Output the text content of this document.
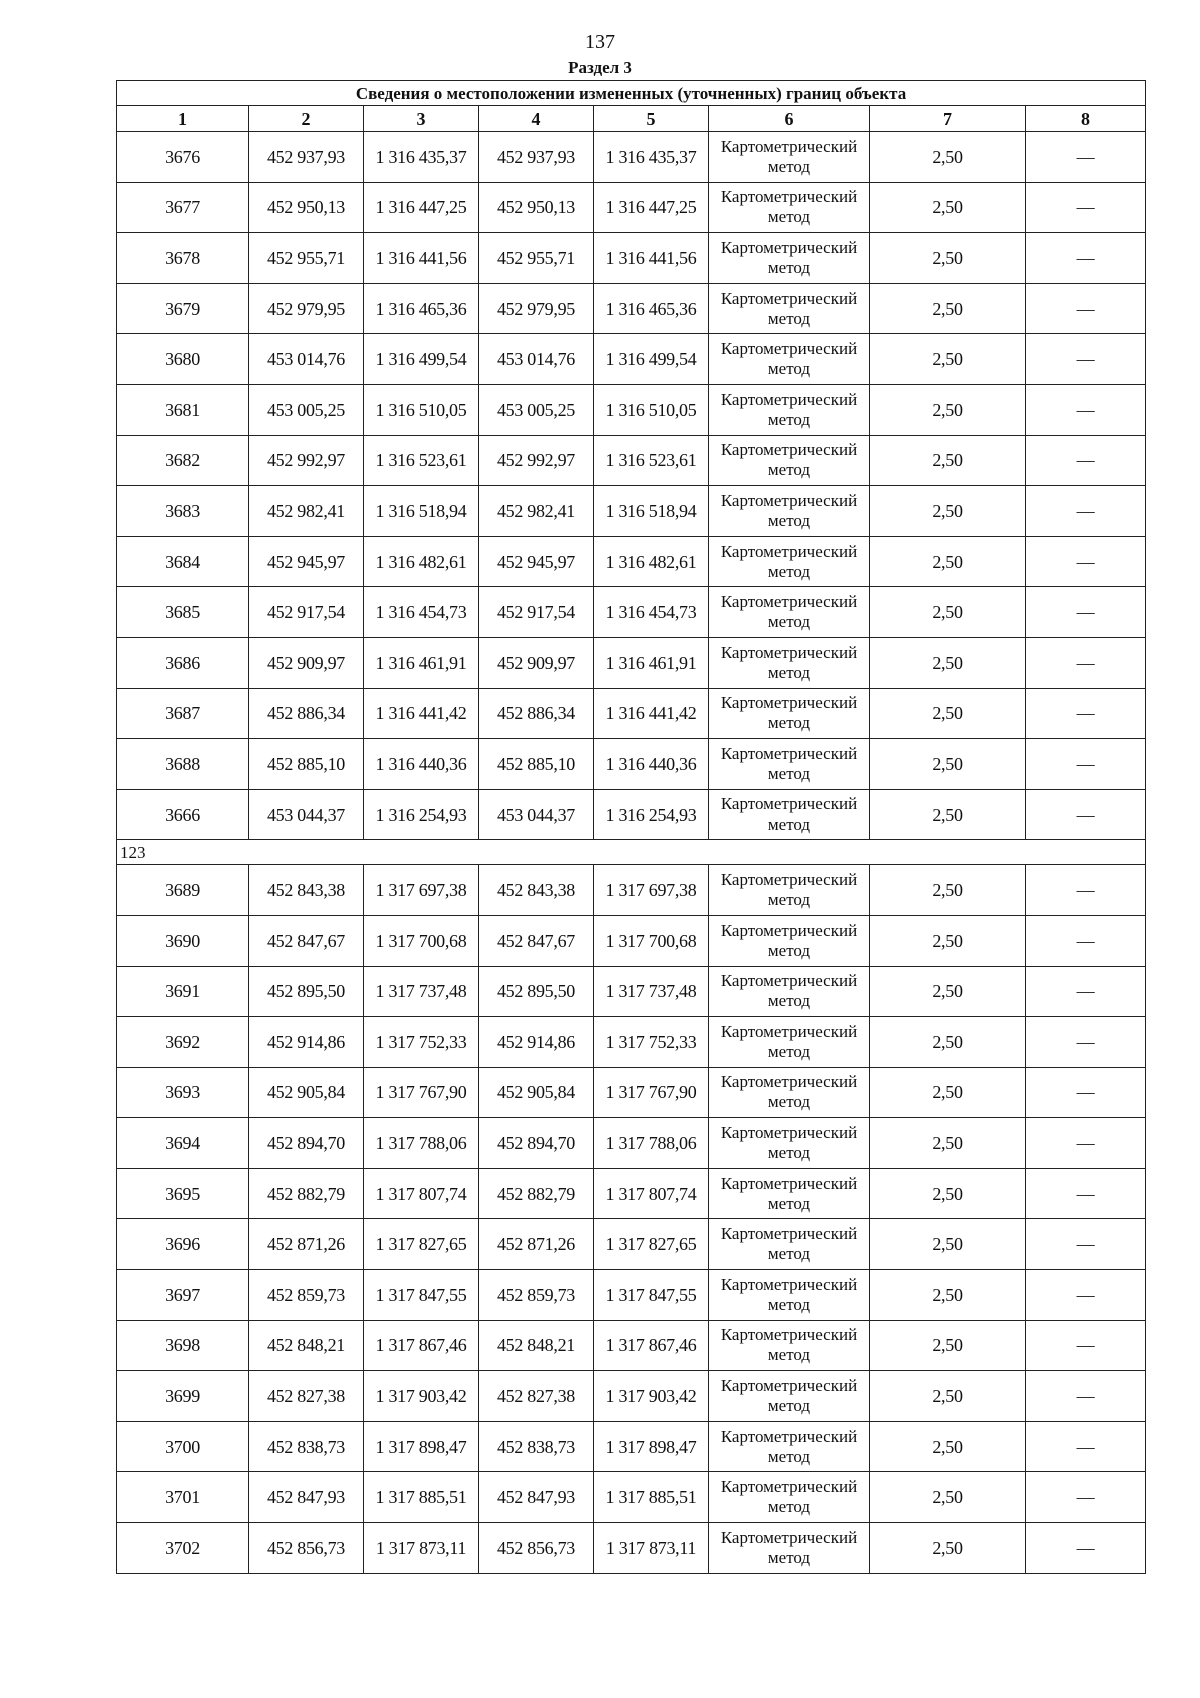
137
Раздел 3
Сведения о местоположении измененных (уточненных) границ объекта							
1	2	3	4	5	6	7	8
3676	452 937,93	1 316 435,37	452 937,93	1 316 435,37	Картометрический метод	2,50	—
3677	452 950,13	1 316 447,25	452 950,13	1 316 447,25	Картометрический метод	2,50	—
3678	452 955,71	1 316 441,56	452 955,71	1 316 441,56	Картометрический метод	2,50	—
3679	452 979,95	1 316 465,36	452 979,95	1 316 465,36	Картометрический метод	2,50	—
3680	453 014,76	1 316 499,54	453 014,76	1 316 499,54	Картометрический метод	2,50	—
3681	453 005,25	1 316 510,05	453 005,25	1 316 510,05	Картометрический метод	2,50	—
3682	452 992,97	1 316 523,61	452 992,97	1 316 523,61	Картометрический метод	2,50	—
3683	452 982,41	1 316 518,94	452 982,41	1 316 518,94	Картометрический метод	2,50	—
3684	452 945,97	1 316 482,61	452 945,97	1 316 482,61	Картометрический метод	2,50	—
3685	452 917,54	1 316 454,73	452 917,54	1 316 454,73	Картометрический метод	2,50	—
3686	452 909,97	1 316 461,91	452 909,97	1 316 461,91	Картометрический метод	2,50	—
3687	452 886,34	1 316 441,42	452 886,34	1 316 441,42	Картометрический метод	2,50	—
3688	452 885,10	1 316 440,36	452 885,10	1 316 440,36	Картометрический метод	2,50	—
3666	453 044,37	1 316 254,93	453 044,37	1 316 254,93	Картометрический метод	2,50	—
123							
3689	452 843,38	1 317 697,38	452 843,38	1 317 697,38	Картометрический метод	2,50	—
3690	452 847,67	1 317 700,68	452 847,67	1 317 700,68	Картометрический метод	2,50	—
3691	452 895,50	1 317 737,48	452 895,50	1 317 737,48	Картометрический метод	2,50	—
3692	452 914,86	1 317 752,33	452 914,86	1 317 752,33	Картометрический метод	2,50	—
3693	452 905,84	1 317 767,90	452 905,84	1 317 767,90	Картометрический метод	2,50	—
3694	452 894,70	1 317 788,06	452 894,70	1 317 788,06	Картометрический метод	2,50	—
3695	452 882,79	1 317 807,74	452 882,79	1 317 807,74	Картометрический метод	2,50	—
3696	452 871,26	1 317 827,65	452 871,26	1 317 827,65	Картометрический метод	2,50	—
3697	452 859,73	1 317 847,55	452 859,73	1 317 847,55	Картометрический метод	2,50	—
3698	452 848,21	1 317 867,46	452 848,21	1 317 867,46	Картометрический метод	2,50	—
3699	452 827,38	1 317 903,42	452 827,38	1 317 903,42	Картометрический метод	2,50	—
3700	452 838,73	1 317 898,47	452 838,73	1 317 898,47	Картометрический метод	2,50	—
3701	452 847,93	1 317 885,51	452 847,93	1 317 885,51	Картометрический метод	2,50	—
3702	452 856,73	1 317 873,11	452 856,73	1 317 873,11	Картометрический метод	2,50	—
